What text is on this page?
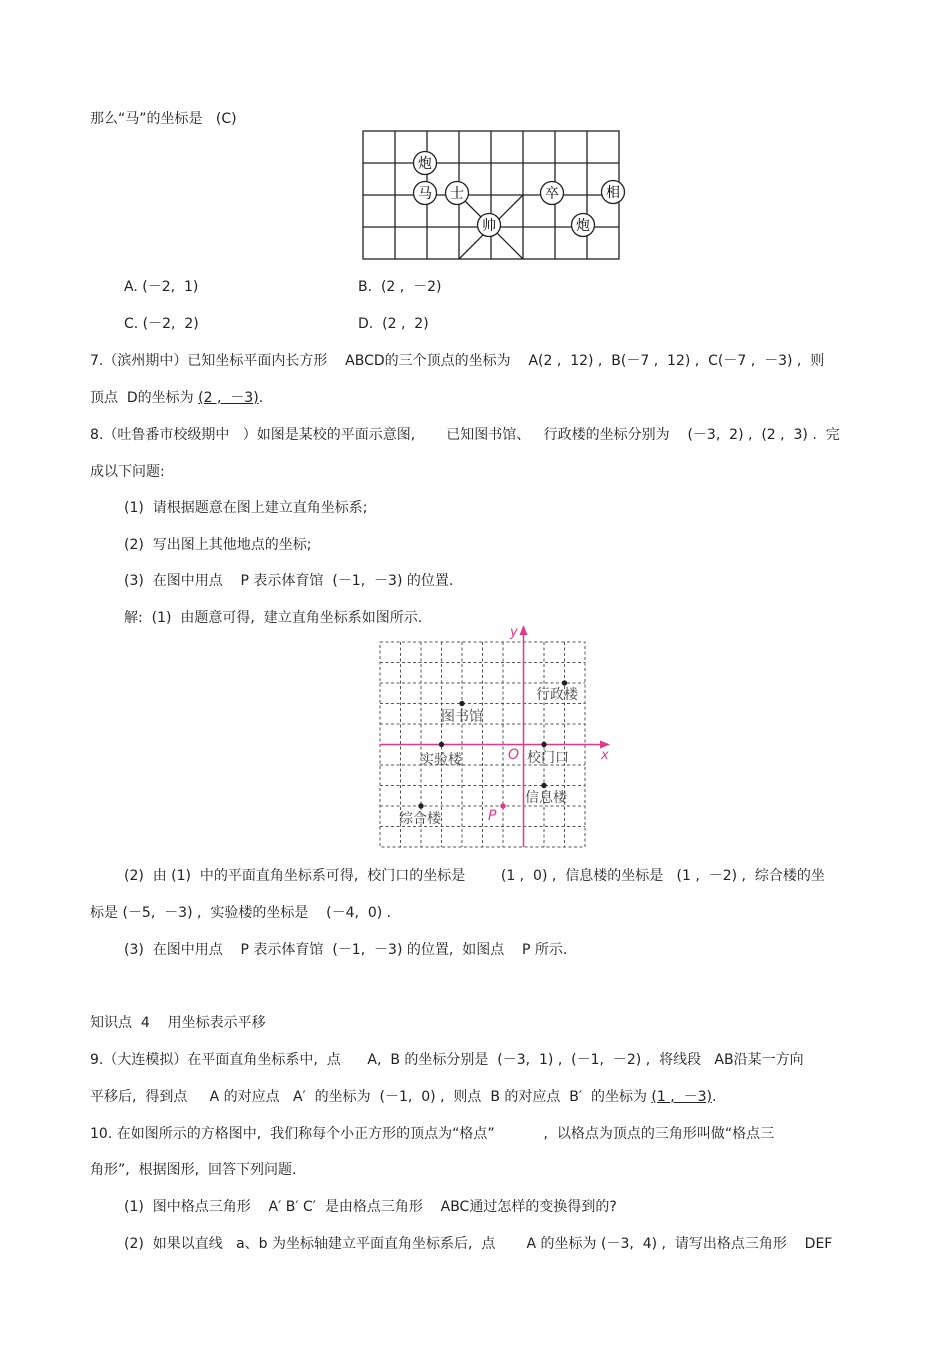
那么“马”的坐标是   (C)
炮
马 士
帅
卒	相
炮
A. (－2,  1)	B.  (2 ,  －2)
C. (－2,  2)	D.  (2 ,  2)
7.（滨州期中）已知坐标平面内长方形    ABCD的三个顶点的坐标为    A(2 ,  12) ,  B(－7 ,  12) ,  C(－7 ,  －3) ,  则
顶点  D的坐标为 (2 ,  －3).
8.（吐鲁番市校级期中   ）如图是某校的平面示意图,       已知图书馆、   行政楼的坐标分别为    (－3,  2) ,  (2 ,  3) .  完
成以下问题:
(1)  请根据题意在图上建立直角坐标系;
(2)  写出图上其他地点的坐标;
(3)  在图中用点    P 表示体育馆  (－1,  －3) 的位置.
解:  (1)  由题意可得,  建立直角坐标系如图所示.
y
x
O
行政楼
图书馆
实验楼	校门口
信息楼
综合楼	P
(2)  由 (1)  中的平面直角坐标系可得,  校门口的坐标是        (1 ,  0) ,  信息楼的坐标是   (1 ,  －2) ,  综合楼的坐
标是 (－5,  －3) ,  实验楼的坐标是    (－4,  0) .
(3)  在图中用点    P 表示体育馆  (－1,  －3) 的位置,  如图点    P 所示.
知识点  4    用坐标表示平移
9.（大连模拟）在平面直角坐标系中,  点      A,  B 的坐标分别是  (－3,  1) ,  (－1,  －2) ,  将线段   AB沿某一方向
平移后,  得到点     A 的对应点   A′  的坐标为  (－1,  0) ,  则点  B 的对应点  B′  的坐标为 (1 ,  －3).
10. 在如图所示的方格图中,  我们称每个小正方形的顶点为“格点”           ,  以格点为顶点的三角形叫做“格点三
角形”,  根据图形,  回答下列问题.
(1)  图中格点三角形    A′ B′ C′  是由格点三角形    ABC通过怎样的变换得到的?
(2)  如果以直线   a、b 为坐标轴建立平面直角坐标系后,  点       A 的坐标为 (－3,  4) ,  请写出格点三角形    DEF
